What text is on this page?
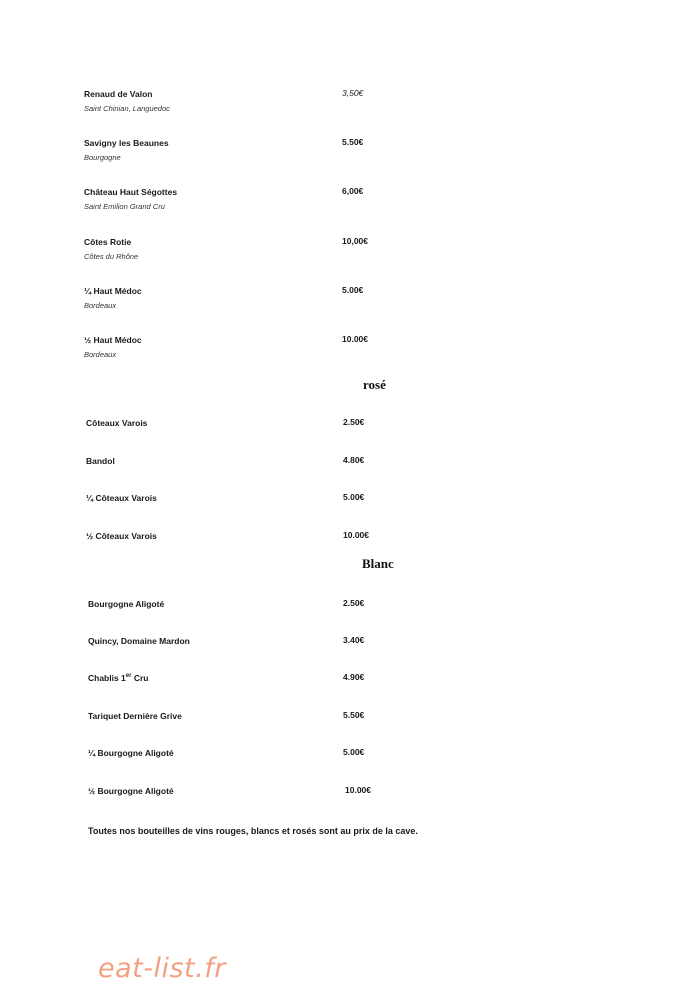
Renaud de Valon
Saint Chinian, Languedoc
3,50€
Savigny les Beaunes
Bourgogne
5.50€
Château Haut Ségottes
Saint Emilion Grand Cru
6,00€
Côtes Rotie
Côtes du Rhône
10,00€
¼ Haut Médoc
Bordeaux
5.00€
½ Haut Médoc
Bordeaux
10.00€
rosé
Côteaux Varois	2.50€
Bandol	4.80€
¼ Côteaux Varois	5.00€
½ Côteaux Varois	10.00€
Blanc
Bourgogne Aligoté	2.50€
Quincy, Domaine Mardon	3.40€
Chablis 1er Cru	4.90€
Tariquet Dernière Grive	5.50€
¼ Bourgogne Aligoté	5.00€
½ Bourgogne Aligoté	10.00€
Toutes nos bouteilles de vins rouges, blancs et rosés sont au prix de la cave.
eat-list.fr
